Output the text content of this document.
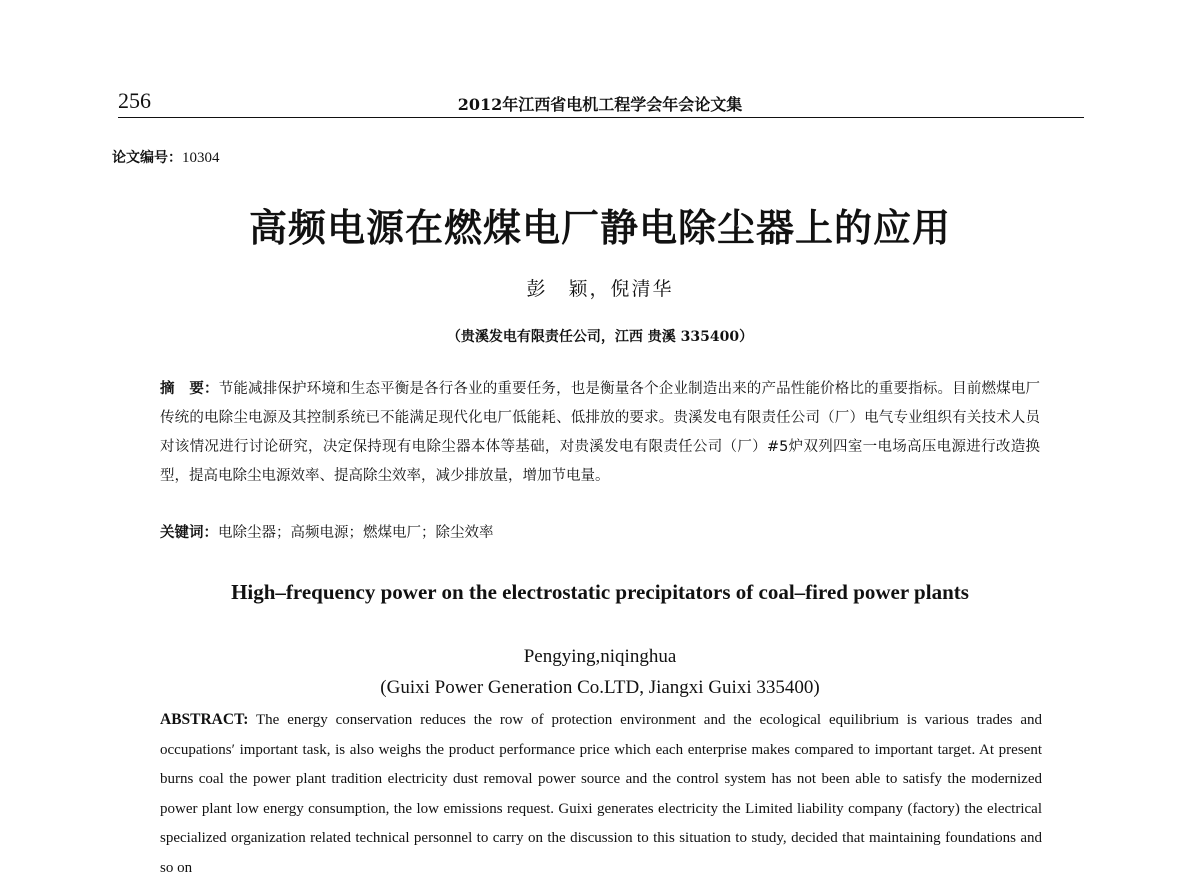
256	2012年江西省电机工程学会年会论文集
论文编号：10304
高频电源在燃煤电厂静电除尘器上的应用
彭　颖，倪清华
（贵溪发电有限责任公司，江西 贵溪 335400）
摘　要：节能减排保护环境和生态平衡是各行各业的重要任务，也是衡量各个企业制造出来的产品性能价格比的重要指标。目前燃煤电厂传统的电除尘电源及其控制系统已不能满足现代化电厂低能耗、低排放的要求。贵溪发电有限责任公司（厂）电气专业组织有关技术人员对该情况进行讨论研究，决定保持现有电除尘器本体等基础，对贵溪发电有限责任公司（厂）#5炉双列四室一电场高压电源进行改造换型，提高电除尘电源效率、提高除尘效率，减少排放量，增加节电量。
关键词：电除尘器；高频电源；燃煤电厂；除尘效率
High–frequency power on the electrostatic precipitators of coal–fired power plants
Pengying,niqinghua
(Guixi Power Generation Co.LTD, Jiangxi Guixi 335400)
ABSTRACT: The energy conservation reduces the row of protection environment and the ecological equilibrium is various trades and occupations′ important task, is also weighs the product performance price which each enterprise makes compared to important target. At present burns coal the power plant tradition electricity dust removal power source and the control system has not been able to satisfy the modernized power plant low energy consumption, the low emissions request. Guixi generates electricity the Limited liability company (factory) the electrical specialized organization related technical personnel to carry on the discussion to this situation to study, decided that maintaining foundations and so on
